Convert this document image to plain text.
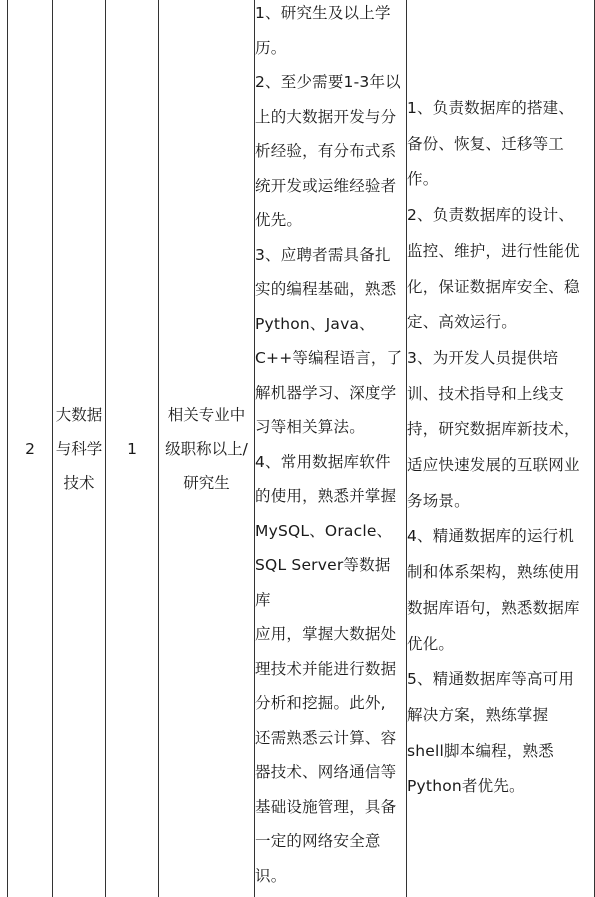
2
大数据
与科学
技术
1
相关专业中
级职称以上/
研究生

1、研究生及以上学

历。

2、至少需要1-3年以

上的大数据开发与分

析经验，有分布式系

统开发或运维经验者

优先。

3、应聘者需具备扎

实的编程基础，熟悉

Python、Java、

C++等编程语言，了

解机器学习、深度学

习等相关算法。

4、常用数据库软件

的使用，熟悉并掌握

MySQL、Oracle、

SQL Server等数据库

应用，掌握大数据处

理技术并能进行数据

分析和挖掘。此外,

还需熟悉云计算、容

器技术、网络通信等

基础设施管理，具备

一定的网络安全意

识。

1、负责数据库的搭建、

备份、恢复、迁移等工

作。

2、负责数据库的设计、

监控、维护，进行性能优

化，保证数据库安全、稳

定、高效运行。

3、为开发人员提供培

训、技术指导和上线支

持，研究数据库新技术，

适应快速发展的互联网业

务场景。

4、精通数据库的运行机

制和体系架构，熟练使用

数据库语句，熟悉数据库

优化。

5、精通数据库等高可用

解决方案，熟练掌握

shell脚本编程，熟悉

Python者优先。
